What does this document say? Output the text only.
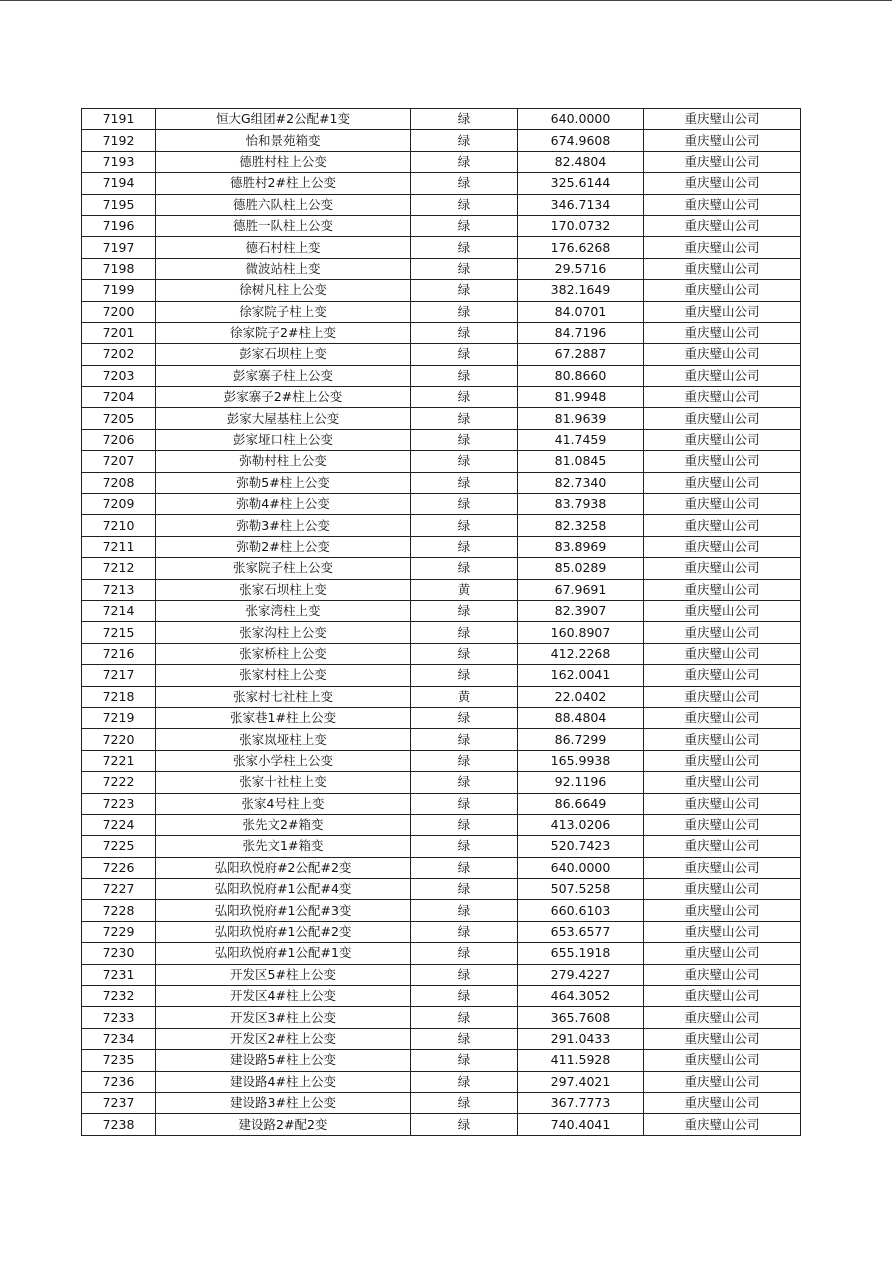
7191	恒大G组团#2公配#1变	绿	640.0000	重庆璧山公司
7192	怡和景苑箱变	绿	674.9608	重庆璧山公司
7193	德胜村柱上公变	绿	82.4804	重庆璧山公司
7194	德胜村2#柱上公变	绿	325.6144	重庆璧山公司
7195	德胜六队柱上公变	绿	346.7134	重庆璧山公司
7196	德胜一队柱上公变	绿	170.0732	重庆璧山公司
7197	德石村柱上变	绿	176.6268	重庆璧山公司
7198	微波站柱上变	绿	29.5716	重庆璧山公司
7199	徐树凡柱上公变	绿	382.1649	重庆璧山公司
7200	徐家院子柱上变	绿	84.0701	重庆璧山公司
7201	徐家院子2#柱上变	绿	84.7196	重庆璧山公司
7202	彭家石坝柱上变	绿	67.2887	重庆璧山公司
7203	彭家寨子柱上公变	绿	80.8660	重庆璧山公司
7204	彭家寨子2#柱上公变	绿	81.9948	重庆璧山公司
7205	彭家大屋基柱上公变	绿	81.9639	重庆璧山公司
7206	彭家垭口柱上公变	绿	41.7459	重庆璧山公司
7207	弥勒村柱上公变	绿	81.0845	重庆璧山公司
7208	弥勒5#柱上公变	绿	82.7340	重庆璧山公司
7209	弥勒4#柱上公变	绿	83.7938	重庆璧山公司
7210	弥勒3#柱上公变	绿	82.3258	重庆璧山公司
7211	弥勒2#柱上公变	绿	83.8969	重庆璧山公司
7212	张家院子柱上公变	绿	85.0289	重庆璧山公司
7213	张家石坝柱上变	黄	67.9691	重庆璧山公司
7214	张家湾柱上变	绿	82.3907	重庆璧山公司
7215	张家沟柱上公变	绿	160.8907	重庆璧山公司
7216	张家桥柱上公变	绿	412.2268	重庆璧山公司
7217	张家村柱上公变	绿	162.0041	重庆璧山公司
7218	张家村七社柱上变	黄	22.0402	重庆璧山公司
7219	张家巷1#柱上公变	绿	88.4804	重庆璧山公司
7220	张家岚垭柱上变	绿	86.7299	重庆璧山公司
7221	张家小学柱上公变	绿	165.9938	重庆璧山公司
7222	张家十社柱上变	绿	92.1196	重庆璧山公司
7223	张家4号柱上变	绿	86.6649	重庆璧山公司
7224	张先文2#箱变	绿	413.0206	重庆璧山公司
7225	张先文1#箱变	绿	520.7423	重庆璧山公司
7226	弘阳玖悦府#2公配#2变	绿	640.0000	重庆璧山公司
7227	弘阳玖悦府#1公配#4变	绿	507.5258	重庆璧山公司
7228	弘阳玖悦府#1公配#3变	绿	660.6103	重庆璧山公司
7229	弘阳玖悦府#1公配#2变	绿	653.6577	重庆璧山公司
7230	弘阳玖悦府#1公配#1变	绿	655.1918	重庆璧山公司
7231	开发区5#柱上公变	绿	279.4227	重庆璧山公司
7232	开发区4#柱上公变	绿	464.3052	重庆璧山公司
7233	开发区3#柱上公变	绿	365.7608	重庆璧山公司
7234	开发区2#柱上公变	绿	291.0433	重庆璧山公司
7235	建设路5#柱上公变	绿	411.5928	重庆璧山公司
7236	建设路4#柱上公变	绿	297.4021	重庆璧山公司
7237	建设路3#柱上公变	绿	367.7773	重庆璧山公司
7238	建设路2#配2变	绿	740.4041	重庆璧山公司
